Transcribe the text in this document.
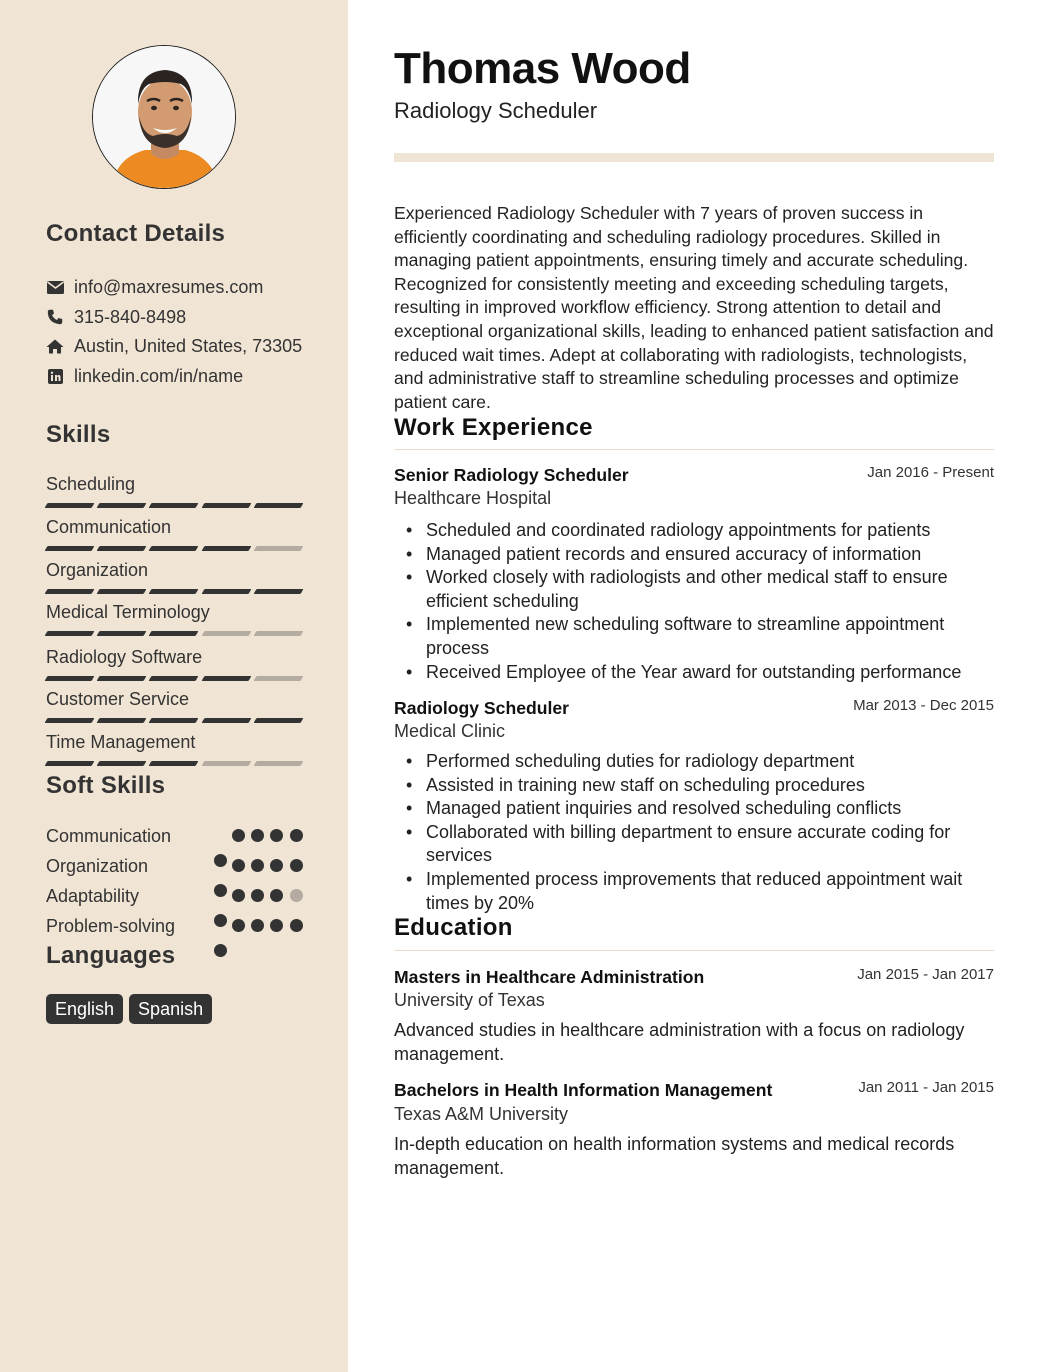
Contact Details
info@maxresumes.com
315-840-8498
Austin, United States, 73305
linkedin.com/in/name
Skills
Scheduling
Communication
Organization
Medical Terminology
Radiology Software
Customer Service
Time Management
Soft Skills
Communication
Organization
Adaptability
Problem-solving
Languages
English	Spanish
Thomas Wood
Radiology Scheduler
Experienced Radiology Scheduler with 7 years of proven success in efficiently coordinating and scheduling radiology procedures. Skilled in managing patient appointments, ensuring timely and accurate scheduling. Recognized for consistently meeting and exceeding scheduling targets, resulting in improved workflow efficiency. Strong attention to detail and exceptional organizational skills, leading to enhanced patient satisfaction and reduced wait times. Adept at collaborating with radiologists, technologists, and administrative staff to streamline scheduling processes and optimize patient care.
Work Experience
Senior Radiology Scheduler	Jan 2016 - Present
Healthcare Hospital
• Scheduled and coordinated radiology appointments for patients
• Managed patient records and ensured accuracy of information
• Worked closely with radiologists and other medical staff to ensure efficient scheduling
• Implemented new scheduling software to streamline appointment process
• Received Employee of the Year award for outstanding performance
Radiology Scheduler	Mar 2013 - Dec 2015
Medical Clinic
• Performed scheduling duties for radiology department
• Assisted in training new staff on scheduling procedures
• Managed patient inquiries and resolved scheduling conflicts
• Collaborated with billing department to ensure accurate coding for services
• Implemented process improvements that reduced appointment wait times by 20%
Education
Masters in Healthcare Administration	Jan 2015 - Jan 2017
University of Texas
Advanced studies in healthcare administration with a focus on radiology management.
Bachelors in Health Information Management	Jan 2011 - Jan 2015
Texas A&M University
In-depth education on health information systems and medical records management.
